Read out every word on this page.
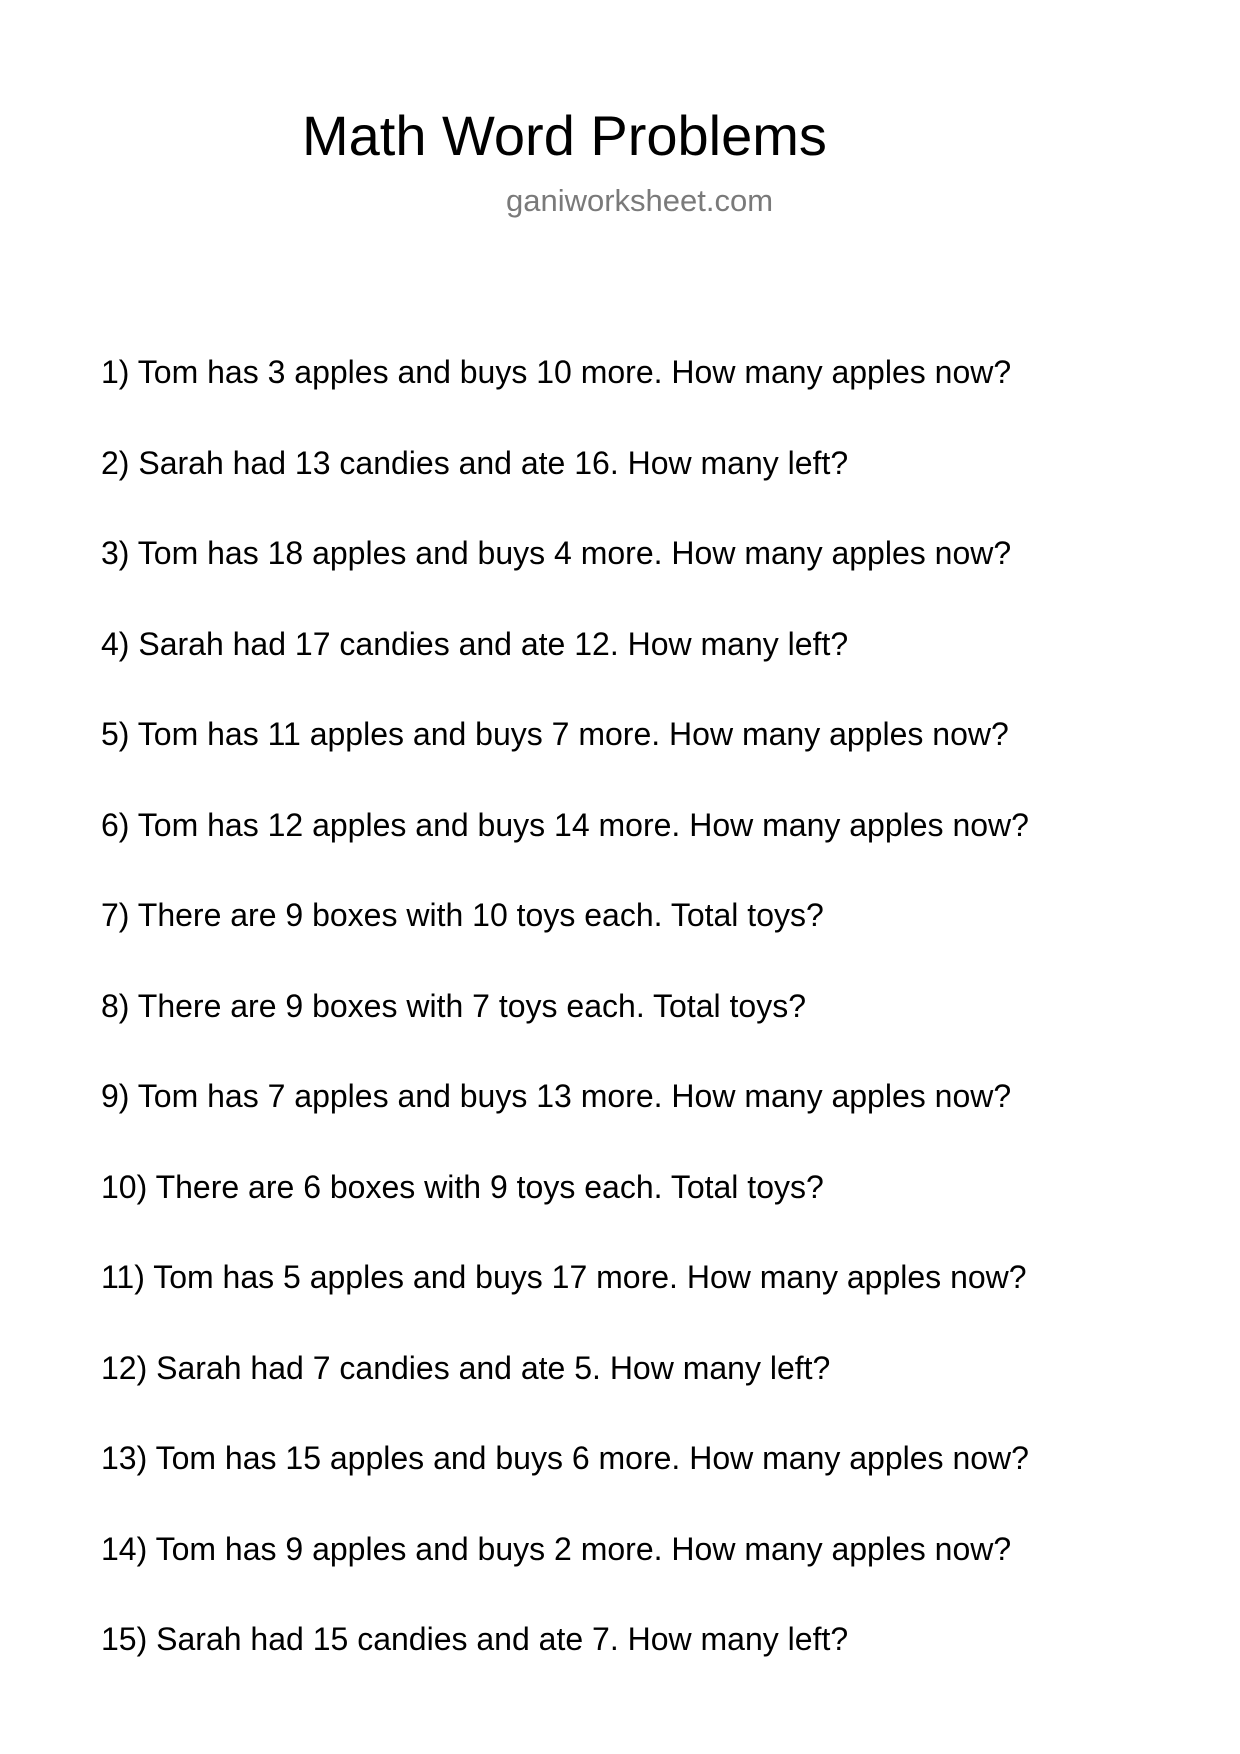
Math Word Problems
ganiworksheet.com
1) Tom has 3 apples and buys 10 more. How many apples now?
2) Sarah had 13 candies and ate 16. How many left?
3) Tom has 18 apples and buys 4 more. How many apples now?
4) Sarah had 17 candies and ate 12. How many left?
5) Tom has 11 apples and buys 7 more. How many apples now?
6) Tom has 12 apples and buys 14 more. How many apples now?
7) There are 9 boxes with 10 toys each. Total toys?
8) There are 9 boxes with 7 toys each. Total toys?
9) Tom has 7 apples and buys 13 more. How many apples now?
10) There are 6 boxes with 9 toys each. Total toys?
11) Tom has 5 apples and buys 17 more. How many apples now?
12) Sarah had 7 candies and ate 5. How many left?
13) Tom has 15 apples and buys 6 more. How many apples now?
14) Tom has 9 apples and buys 2 more. How many apples now?
15) Sarah had 15 candies and ate 7. How many left?
